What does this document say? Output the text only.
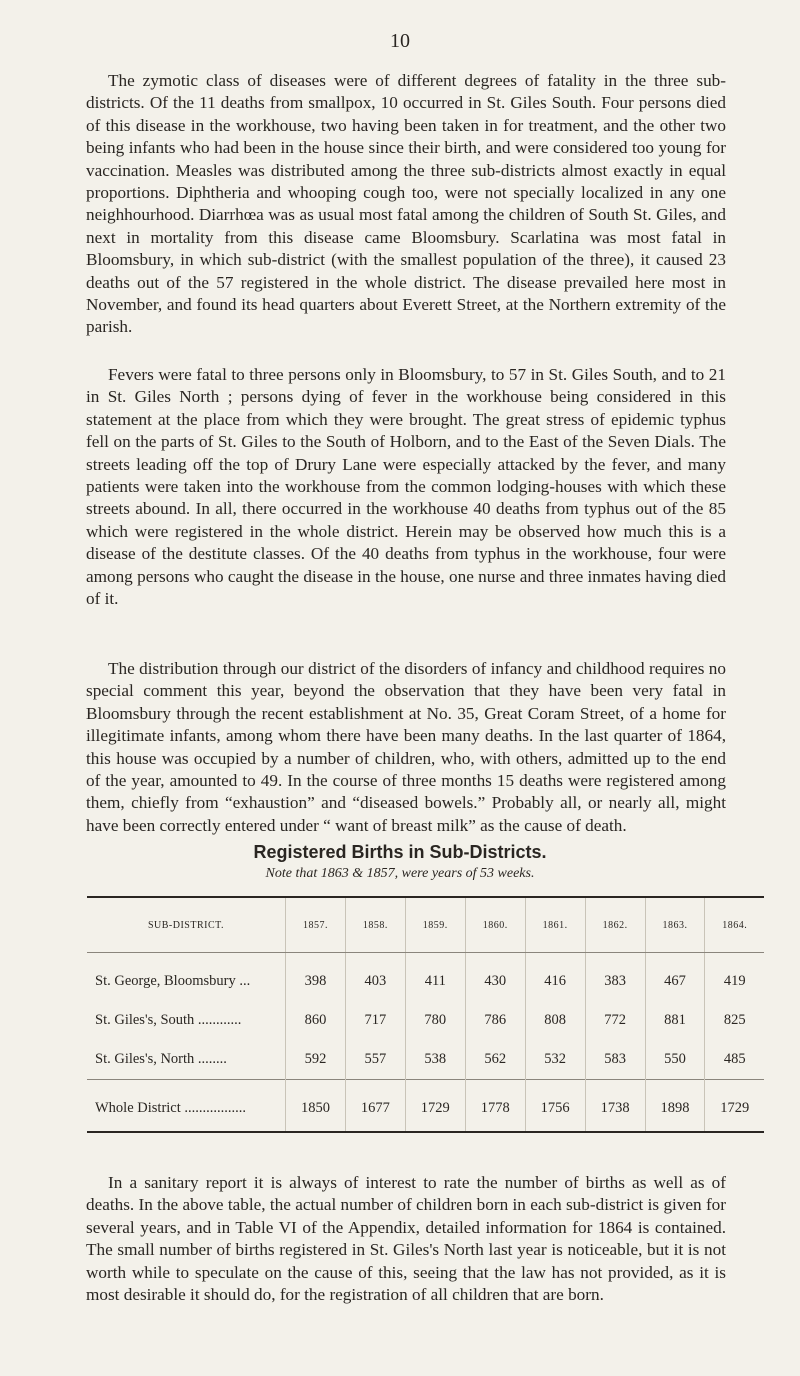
10

The zymotic class of diseases were of different degrees of fatality in the three sub-districts. Of the 11 deaths from smallpox, 10 occurred in St. Giles South. Four persons died of this disease in the workhouse, two having been taken in for treatment, and the other two being infants who had been in the house since their birth, and were considered too young for vaccination. Measles was distributed among the three sub-districts almost exactly in equal proportions. Diphtheria and whooping cough too, were not specially localized in any one neighhourhood. Diarrhœa was as usual most fatal among the children of South St. Giles, and next in mortality from this disease came Bloomsbury. Scarlatina was most fatal in Bloomsbury, in which sub-district (with the smallest population of the three), it caused 23 deaths out of the 57 registered in the whole district. The disease prevailed here most in November, and found its head quarters about Everett Street, at the Northern extremity of the parish.

Fevers were fatal to three persons only in Bloomsbury, to 57 in St. Giles South, and to 21 in St. Giles North ; persons dying of fever in the workhouse being considered in this statement at the place from which they were brought. The great stress of epidemic typhus fell on the parts of St. Giles to the South of Holborn, and to the East of the Seven Dials. The streets leading off the top of Drury Lane were especially attacked by the fever, and many patients were taken into the workhouse from the common lodging-houses with which these streets abound. In all, there occurred in the workhouse 40 deaths from typhus out of the 85 which were registered in the whole district. Herein may be observed how much this is a disease of the destitute classes. Of the 40 deaths from typhus in the workhouse, four were among persons who caught the disease in the house, one nurse and three inmates having died of it.

The distribution through our district of the disorders of infancy and childhood requires no special comment this year, beyond the observation that they have been very fatal in Bloomsbury through the recent establishment at No. 35, Great Coram Street, of a home for illegitimate infants, among whom there have been many deaths. In the last quarter of 1864, this house was occupied by a number of children, who, with others, admitted up to the end of the year, amounted to 49. In the course of three months 15 deaths were registered among them, chiefly from “exhaustion” and “diseased bowels.” Probably all, or nearly all, might have been correctly entered under “ want of breast milk” as the cause of death.

Registered Births in Sub-Districts.
Note that 1863 & 1857, were years of 53 weeks.
SUB-DISTRICT.	1857.	1858.	1859.	1860.	1861.	1862.	1863.	1864.
St. George, Bloomsbury ...	398	403	411	430	416	383	467	419
St. Giles's, South ............	860	717	780	786	808	772	881	825
St. Giles's, North ........	592	557	538	562	532	583	550	485
Whole District .................	1850	1677	1729	1778	1756	1738	1898	1729

In a sanitary report it is always of interest to rate the number of births as well as of deaths. In the above table, the actual number of children born in each sub-district is given for several years, and in Table VI of the Appendix, detailed information for 1864 is contained. The small number of births registered in St. Giles's North last year is noticeable, but it is not worth while to speculate on the cause of this, seeing that the law has not provided, as it is most desirable it should do, for the registration of all children that are born.
